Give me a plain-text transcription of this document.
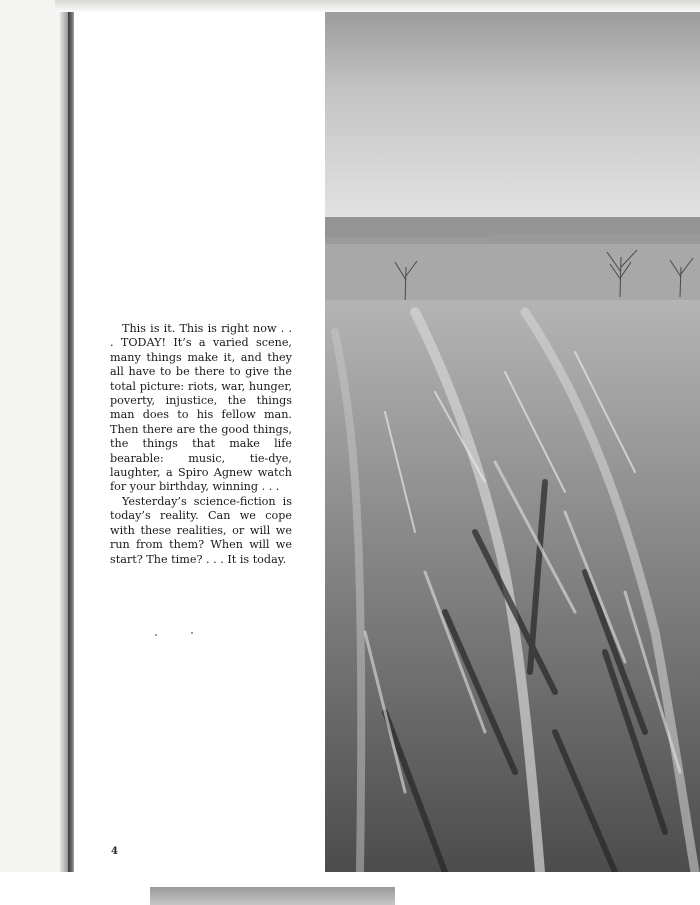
This is it. This is right now . . . TODAY! It’s a varied scene, many things make it, and they all have to be there to give the total picture: riots, war, hunger, poverty, injustice, the things man does to his fellow man. Then there are the good things, the things that make life bearable: music, tie-dye, laughter, a Spiro Agnew watch for your birthday, winning . . .

Yesterday’s science-fiction is today’s reality. Can we cope with these realities, or will we run from them? When will we start? The time? . . . It is today.

4
